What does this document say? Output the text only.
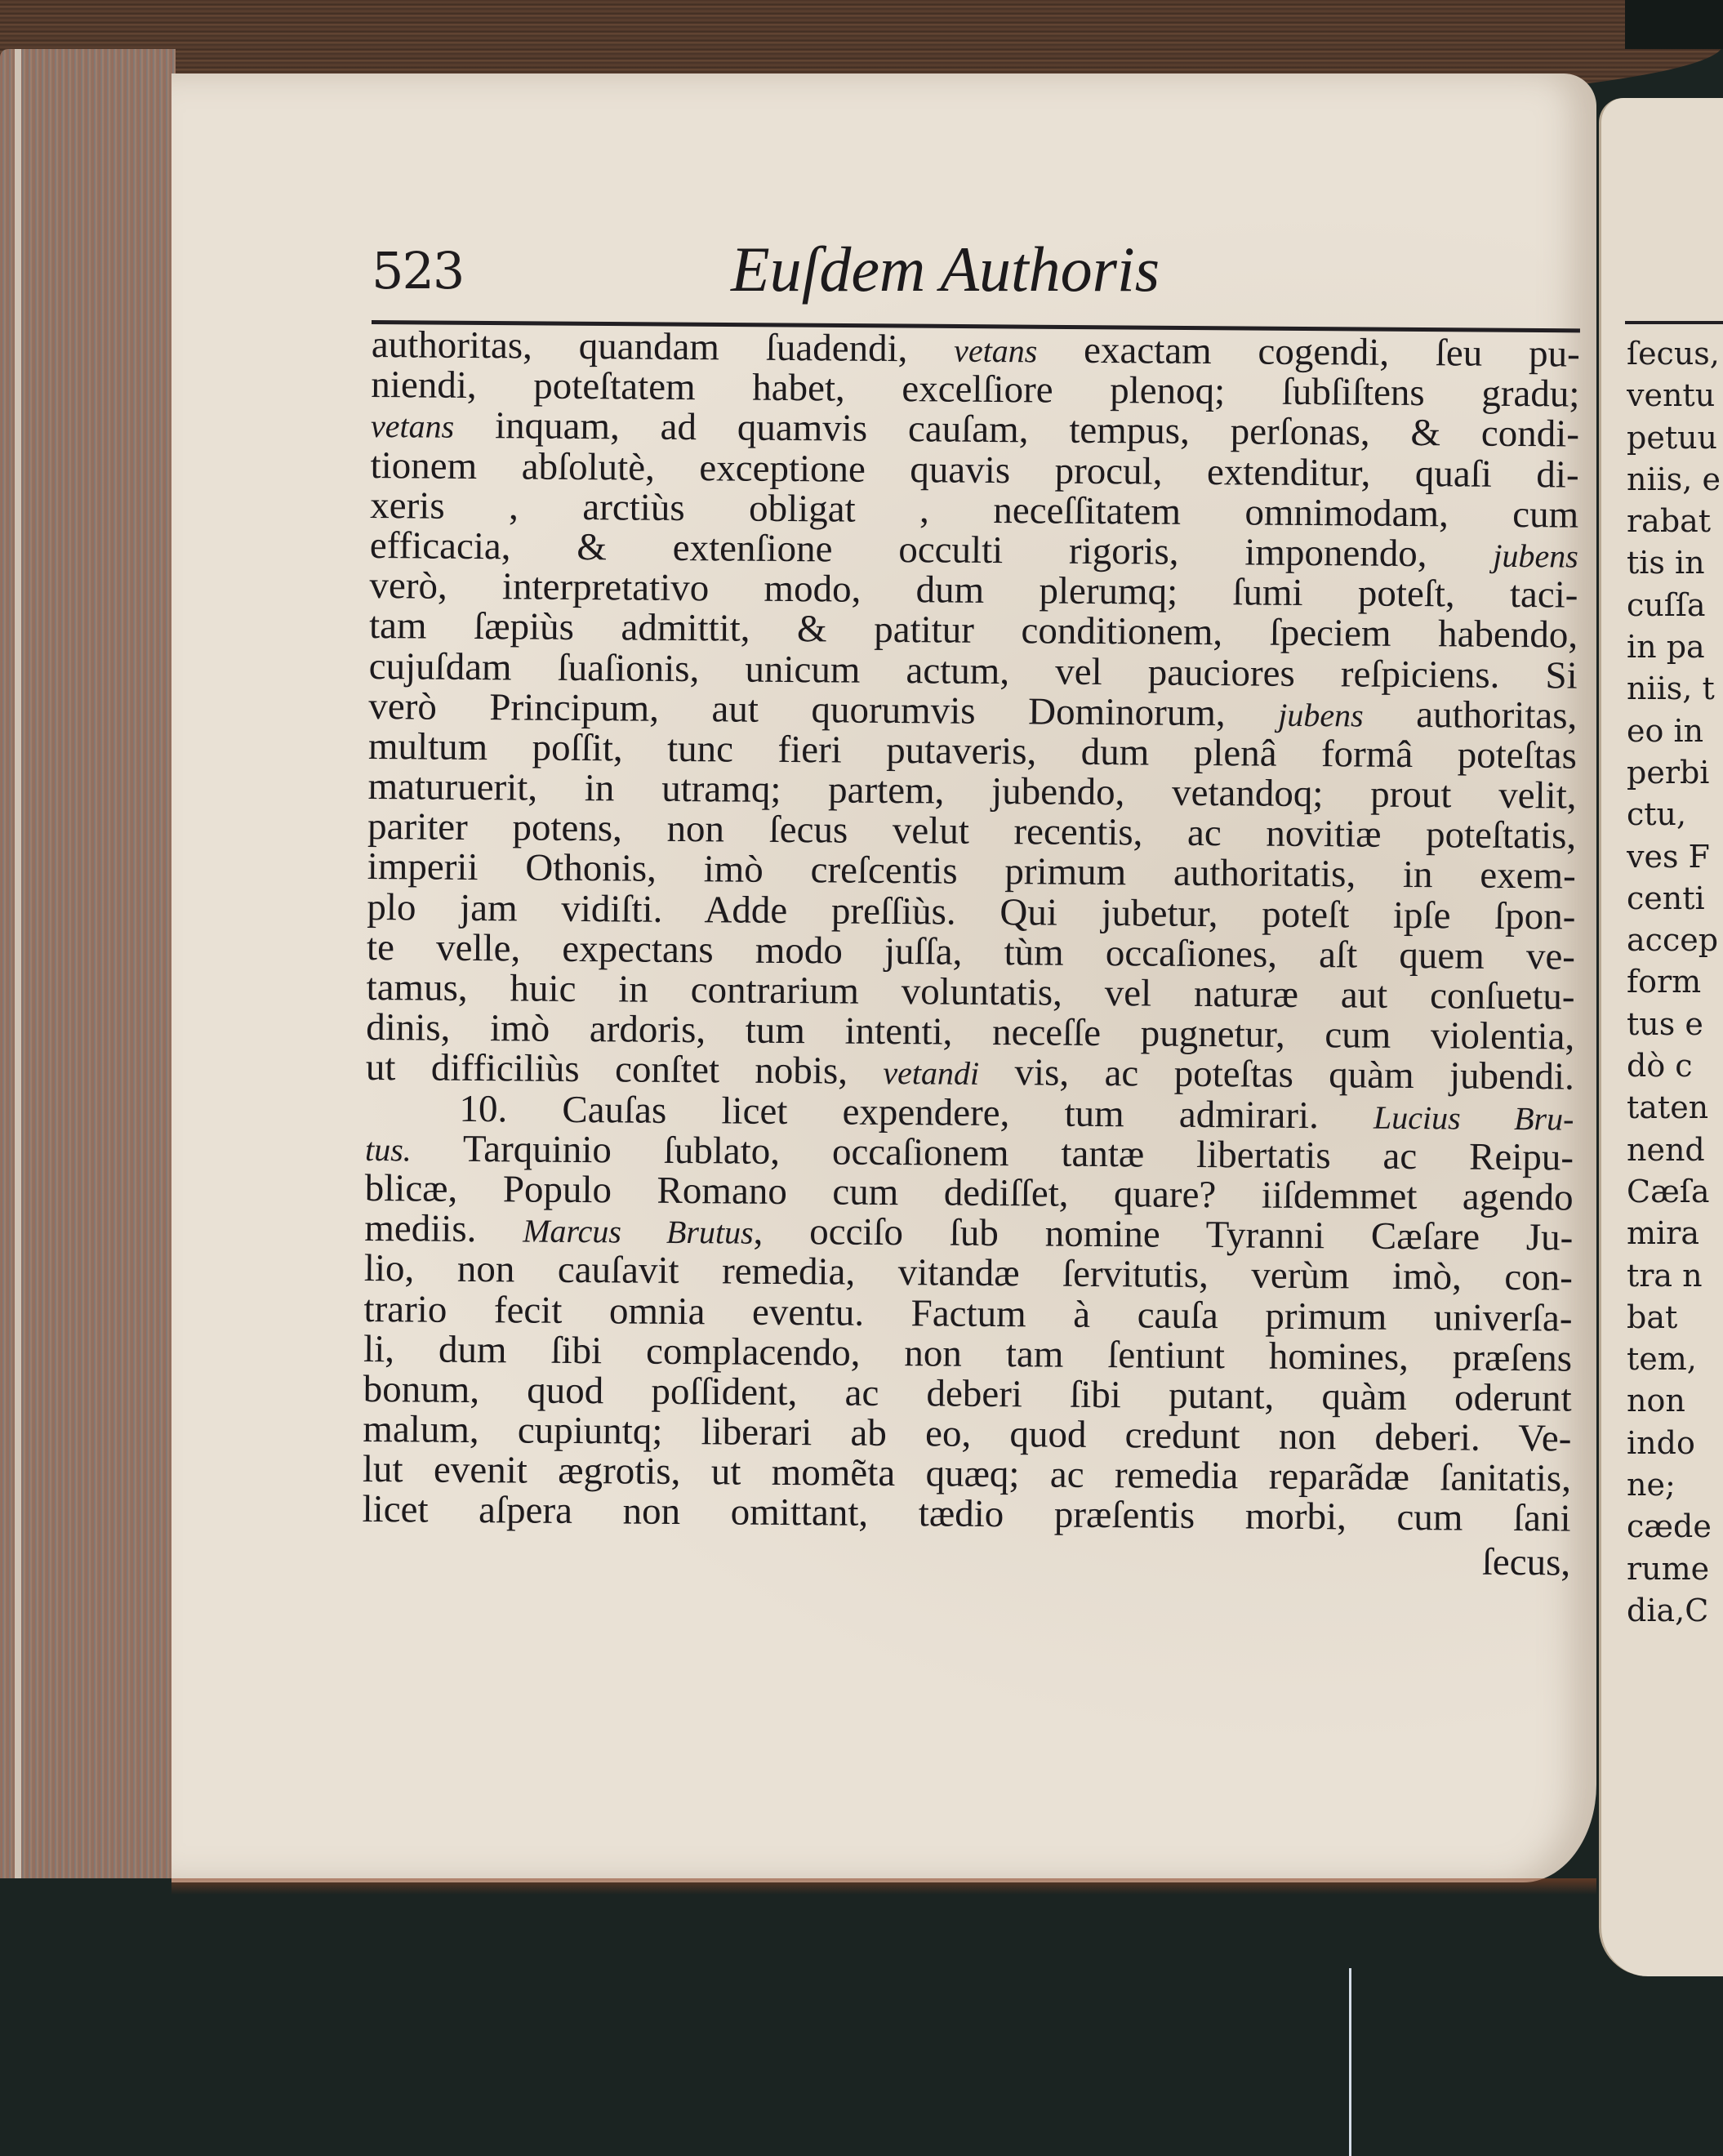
523	Euſdem Authoris
authoritas, quandam ſuadendi, vetans exactam cogendi, ſeu pu-
niendi, poteſtatem habet, excelſiore plenoq; ſubſiſtens gradu;
vetans inquam, ad quamvis cauſam, tempus, perſonas, & condi-
tionem abſolutè, exceptione quavis procul, extenditur, quaſi di-
xeris , arctiùs obligat , neceſſitatem omnimodam, cum
efficacia, & extenſione occulti rigoris, imponendo, jubens
verò, interpretativo modo, dum plerumq; ſumi poteſt, taci-
tam ſæpiùs admittit, & patitur conditionem, ſpeciem habendo,
cujuſdam ſuaſionis, unicum actum, vel pauciores reſpiciens. Si
verò Principum, aut quorumvis Dominorum, jubens authoritas,
multum poſſit, tunc fieri putaveris, dum plenâ formâ poteſtas
maturuerit, in utramq; partem, jubendo, vetandoq; prout velit,
pariter potens, non ſecus velut recentis, ac novitiæ poteſtatis,
imperii Othonis, imò creſcentis primum authoritatis, in exem-
plo jam vidiſti. Adde preſſiùs. Qui jubetur, poteſt ipſe ſpon-
te velle, expectans modo juſſa, tùm occaſiones, aſt quem ve-
tamus, huic in contrarium voluntatis, vel naturæ aut conſuetu-
dinis, imò ardoris, tum intenti, neceſſe pugnetur, cum violentia,
ut difficiliùs conſtet nobis, vetandi vis, ac poteſtas quàm jubendi.
10. Cauſas licet expendere, tum admirari. Lucius Bru-
tus. Tarquinio ſublato, occaſionem tantæ libertatis ac Reipu-
blicæ, Populo Romano cum dediſſet, quare? iiſdemmet agendo
mediis. Marcus Brutus, occiſo ſub nomine Tyranni Cæſare Ju-
lio, non cauſavit remedia, vitandæ ſervitutis, verùm imò, con-
trario fecit omnia eventu. Factum à cauſa primum univerſa-
li, dum ſibi complacendo, non tam ſentiunt homines, præſens
bonum, quod poſſident, ac deberi ſibi putant, quàm oderunt
malum, cupiuntq; liberari ab eo, quod credunt non deberi. Ve-
lut evenit ægrotis, ut momẽta quæq; ac remedia reparãdæ ſanitatis,
licet aſpera non omittant, tædio præſentis morbi, cum ſani
ſecus,
ſecus,
ventu
petuu
niis, e
rabat
tis in
cuſſa
in pa
niis, t
eo in
perbi
ctu,
ves F
centi
accep
form
tus e
dò c
taten
nend
Cæſa
mira
tra n
bat
tem,
non
indo
ne;
cæde
rume
dia,C
